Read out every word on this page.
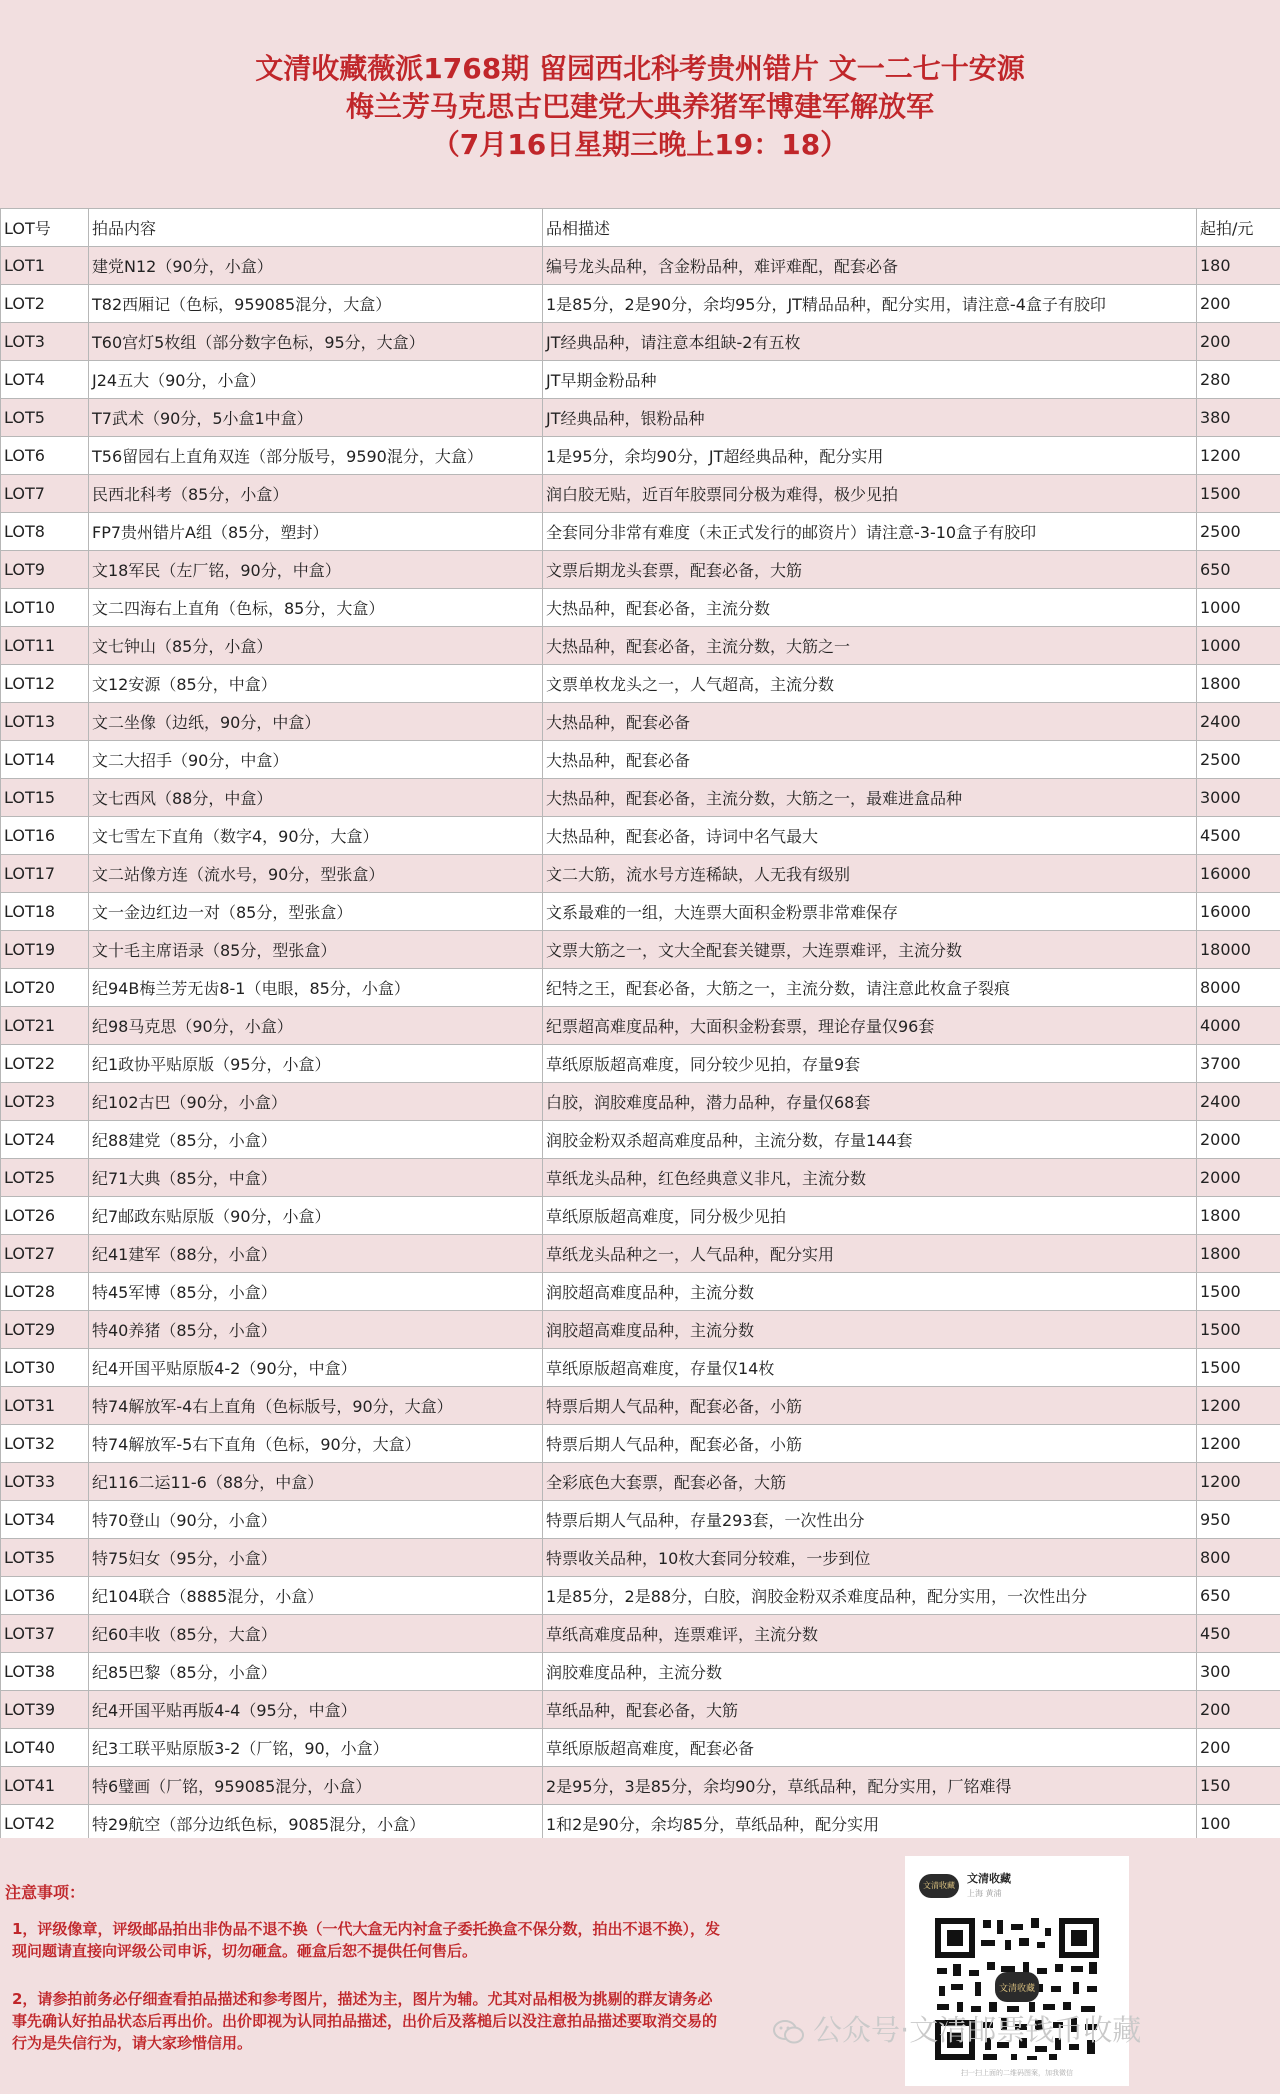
文清收藏薇派1768期 留园西北科考贵州错片 文一二七十安源
梅兰芳马克思古巴建党大典养猪军博建军解放军
（7月16日星期三晚上19：18）
LOT号	拍品内容	品相描述	起拍/元
LOT1	建党N12（90分，小盒）	编号龙头品种，含金粉品种，难评难配，配套必备	180
LOT2	T82西厢记（色标，959085混分，大盒）	1是85分，2是90分，余均95分，JT精品品种，配分实用，请注意-4盒子有胶印	200
LOT3	T60宫灯5枚组（部分数字色标，95分，大盒）	JT经典品种，请注意本组缺-2有五枚	200
LOT4	J24五大（90分，小盒）	JT早期金粉品种	280
LOT5	T7武术（90分，5小盒1中盒）	JT经典品种，银粉品种	380
LOT6	T56留园右上直角双连（部分版号，9590混分，大盒）	1是95分，余均90分，JT超经典品种，配分实用	1200
LOT7	民西北科考（85分，小盒）	润白胶无贴，近百年胶票同分极为难得，极少见拍	1500
LOT8	FP7贵州错片A组（85分，塑封）	全套同分非常有难度（未正式发行的邮资片）请注意-3-10盒子有胶印	2500
LOT9	文18军民（左厂铭，90分，中盒）	文票后期龙头套票，配套必备，大筋	650
LOT10	文二四海右上直角（色标，85分，大盒）	大热品种，配套必备，主流分数	1000
LOT11	文七钟山（85分，小盒）	大热品种，配套必备，主流分数，大筋之一	1000
LOT12	文12安源（85分，中盒）	文票单枚龙头之一，人气超高，主流分数	1800
LOT13	文二坐像（边纸，90分，中盒）	大热品种，配套必备	2400
LOT14	文二大招手（90分，中盒）	大热品种，配套必备	2500
LOT15	文七西风（88分，中盒）	大热品种，配套必备，主流分数，大筋之一，最难进盒品种	3000
LOT16	文七雪左下直角（数字4，90分，大盒）	大热品种，配套必备，诗词中名气最大	4500
LOT17	文二站像方连（流水号，90分，型张盒）	文二大筋，流水号方连稀缺，人无我有级别	16000
LOT18	文一金边红边一对（85分，型张盒）	文系最难的一组，大连票大面积金粉票非常难保存	16000
LOT19	文十毛主席语录（85分，型张盒）	文票大筋之一，文大全配套关键票，大连票难评，主流分数	18000
LOT20	纪94B梅兰芳无齿8-1（电眼，85分，小盒）	纪特之王，配套必备，大筋之一，主流分数，请注意此枚盒子裂痕	8000
LOT21	纪98马克思（90分，小盒）	纪票超高难度品种，大面积金粉套票，理论存量仅96套	4000
LOT22	纪1政协平贴原版（95分，小盒）	草纸原版超高难度，同分较少见拍，存量9套	3700
LOT23	纪102古巴（90分，小盒）	白胶，润胶难度品种，潜力品种，存量仅68套	2400
LOT24	纪88建党（85分，小盒）	润胶金粉双杀超高难度品种，主流分数，存量144套	2000
LOT25	纪71大典（85分，中盒）	草纸龙头品种，红色经典意义非凡，主流分数	2000
LOT26	纪7邮政东贴原版（90分，小盒）	草纸原版超高难度，同分极少见拍	1800
LOT27	纪41建军（88分，小盒）	草纸龙头品种之一，人气品种，配分实用	1800
LOT28	特45军博（85分，小盒）	润胶超高难度品种，主流分数	1500
LOT29	特40养猪（85分，小盒）	润胶超高难度品种，主流分数	1500
LOT30	纪4开国平贴原版4-2（90分，中盒）	草纸原版超高难度，存量仅14枚	1500
LOT31	特74解放军-4右上直角（色标版号，90分，大盒）	特票后期人气品种，配套必备，小筋	1200
LOT32	特74解放军-5右下直角（色标，90分，大盒）	特票后期人气品种，配套必备，小筋	1200
LOT33	纪116二运11-6（88分，中盒）	全彩底色大套票，配套必备，大筋	1200
LOT34	特70登山（90分，小盒）	特票后期人气品种，存量293套，一次性出分	950
LOT35	特75妇女（95分，小盒）	特票收关品种，10枚大套同分较难，一步到位	800
LOT36	纪104联合（8885混分，小盒）	1是85分，2是88分，白胶，润胶金粉双杀难度品种，配分实用，一次性出分	650
LOT37	纪60丰收（85分，大盒）	草纸高难度品种，连票难评，主流分数	450
LOT38	纪85巴黎（85分，小盒）	润胶难度品种，主流分数	300
LOT39	纪4开国平贴再版4-4（95分，中盒）	草纸品种，配套必备，大筋	200
LOT40	纪3工联平贴原版3-2（厂铭，90，小盒）	草纸原版超高难度，配套必备	200
LOT41	特6璧画（厂铭，959085混分，小盒）	2是95分，3是85分，余均90分，草纸品种，配分实用，厂铭难得	150
LOT42	特29航空（部分边纸色标，9085混分，小盒）	1和2是90分，余均85分，草纸品种，配分实用	100
注意事项：
1，评级像章，评级邮品拍出非伪品不退不换（一代大盒无内衬盒子委托换盒不保分数，拍出不退不换），发现问题请直接向评级公司申诉，切勿砸盒。砸盒后恕不提供任何售后。
2，请参拍前务必仔细查看拍品描述和参考图片，描述为主，图片为辅。尤其对品相极为挑剔的群友请务必事先确认好拍品状态后再出价。出价即视为认同拍品描述，出价后及落槌后以没注意拍品描述要取消交易的行为是失信行为，请大家珍惜信用。
文清收藏
文清收藏
上海 黄浦
文清收藏
扫一扫上面的二维码图案，加我微信
公众号·文清邮票钱币收藏
